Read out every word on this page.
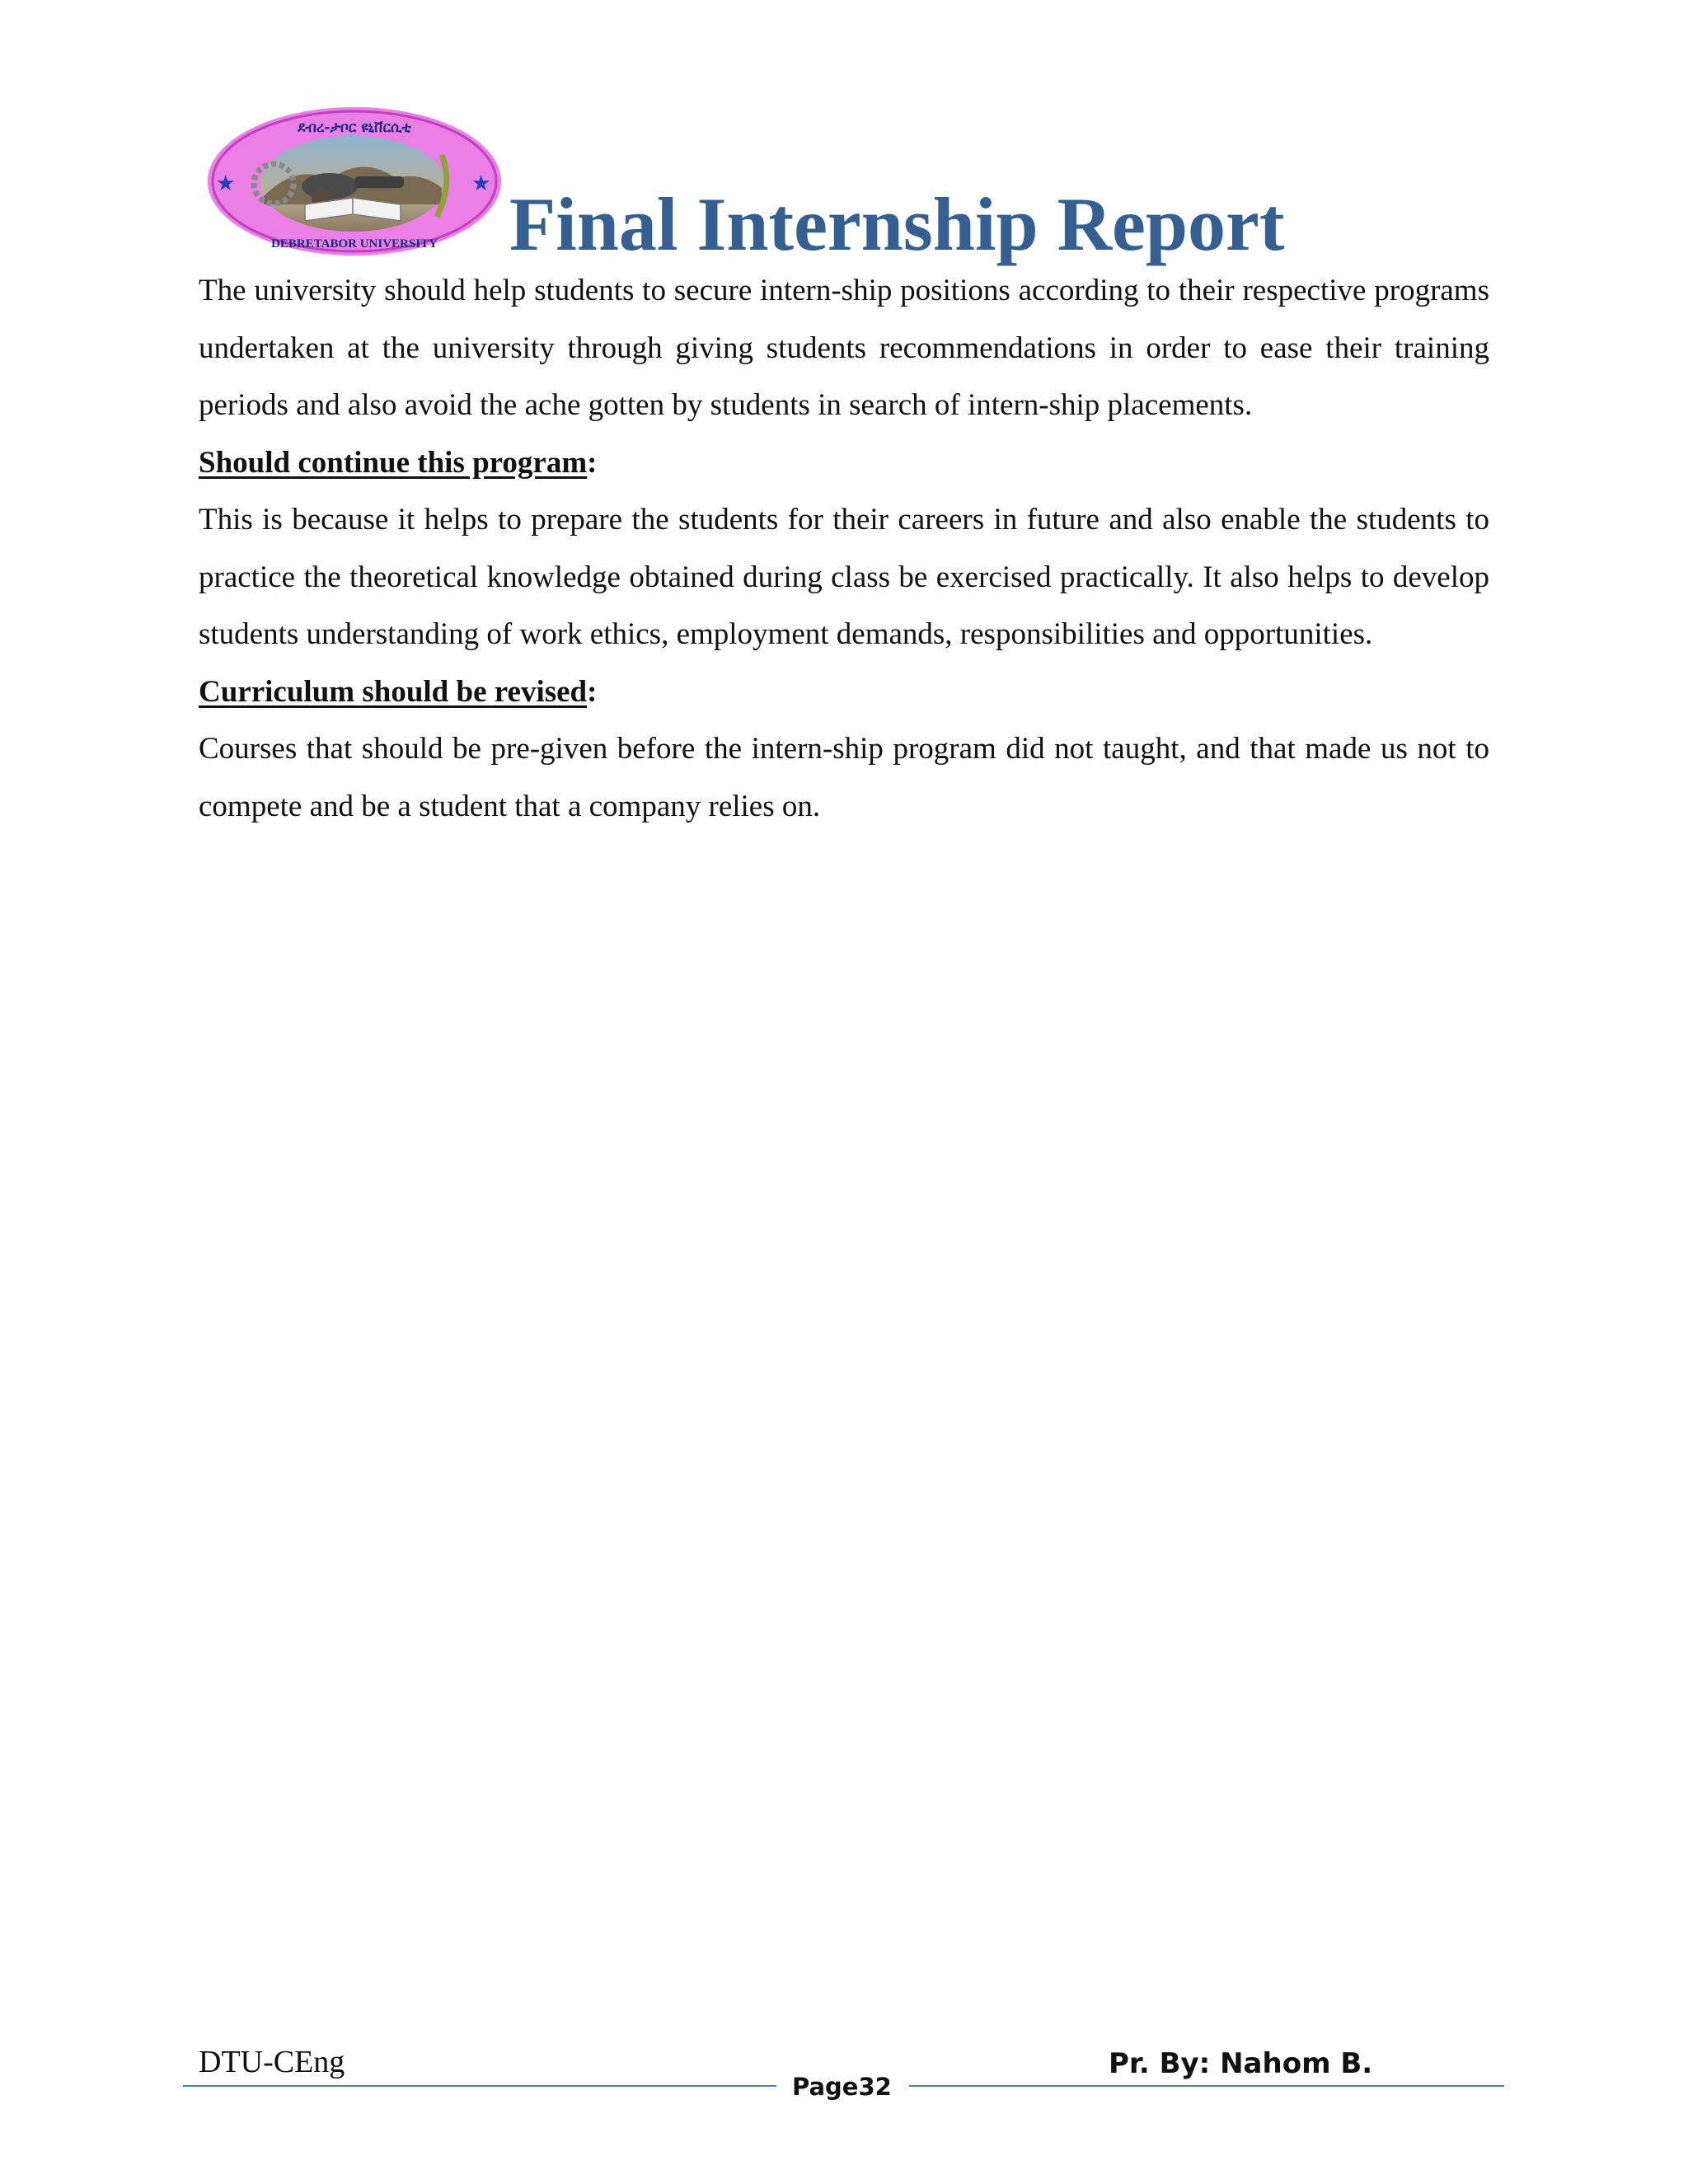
★	★
ደብረ-ታቦር ዩኒቨርሲቲ
DEBRETABOR UNIVERSITY Final Internship Report

The university should help students to secure intern-ship positions according to their respective programs undertaken at the university through giving students recommendations in order to ease their training periods and also avoid the ache gotten by students in search of intern-ship placements.

Should continue this program:

This is because it helps to prepare the students for their careers in future and also enable the students to practice the theoretical knowledge obtained during class be exercised practically. It also helps to develop students understanding of work ethics, employment demands, responsibilities and opportunities.

Curriculum should be revised:

Courses that should be pre-given before the intern-ship program did not taught, and that made us not to compete and be a student that a company relies on.

DTU-CEng	Pr. By: Nahom B.
Page32
